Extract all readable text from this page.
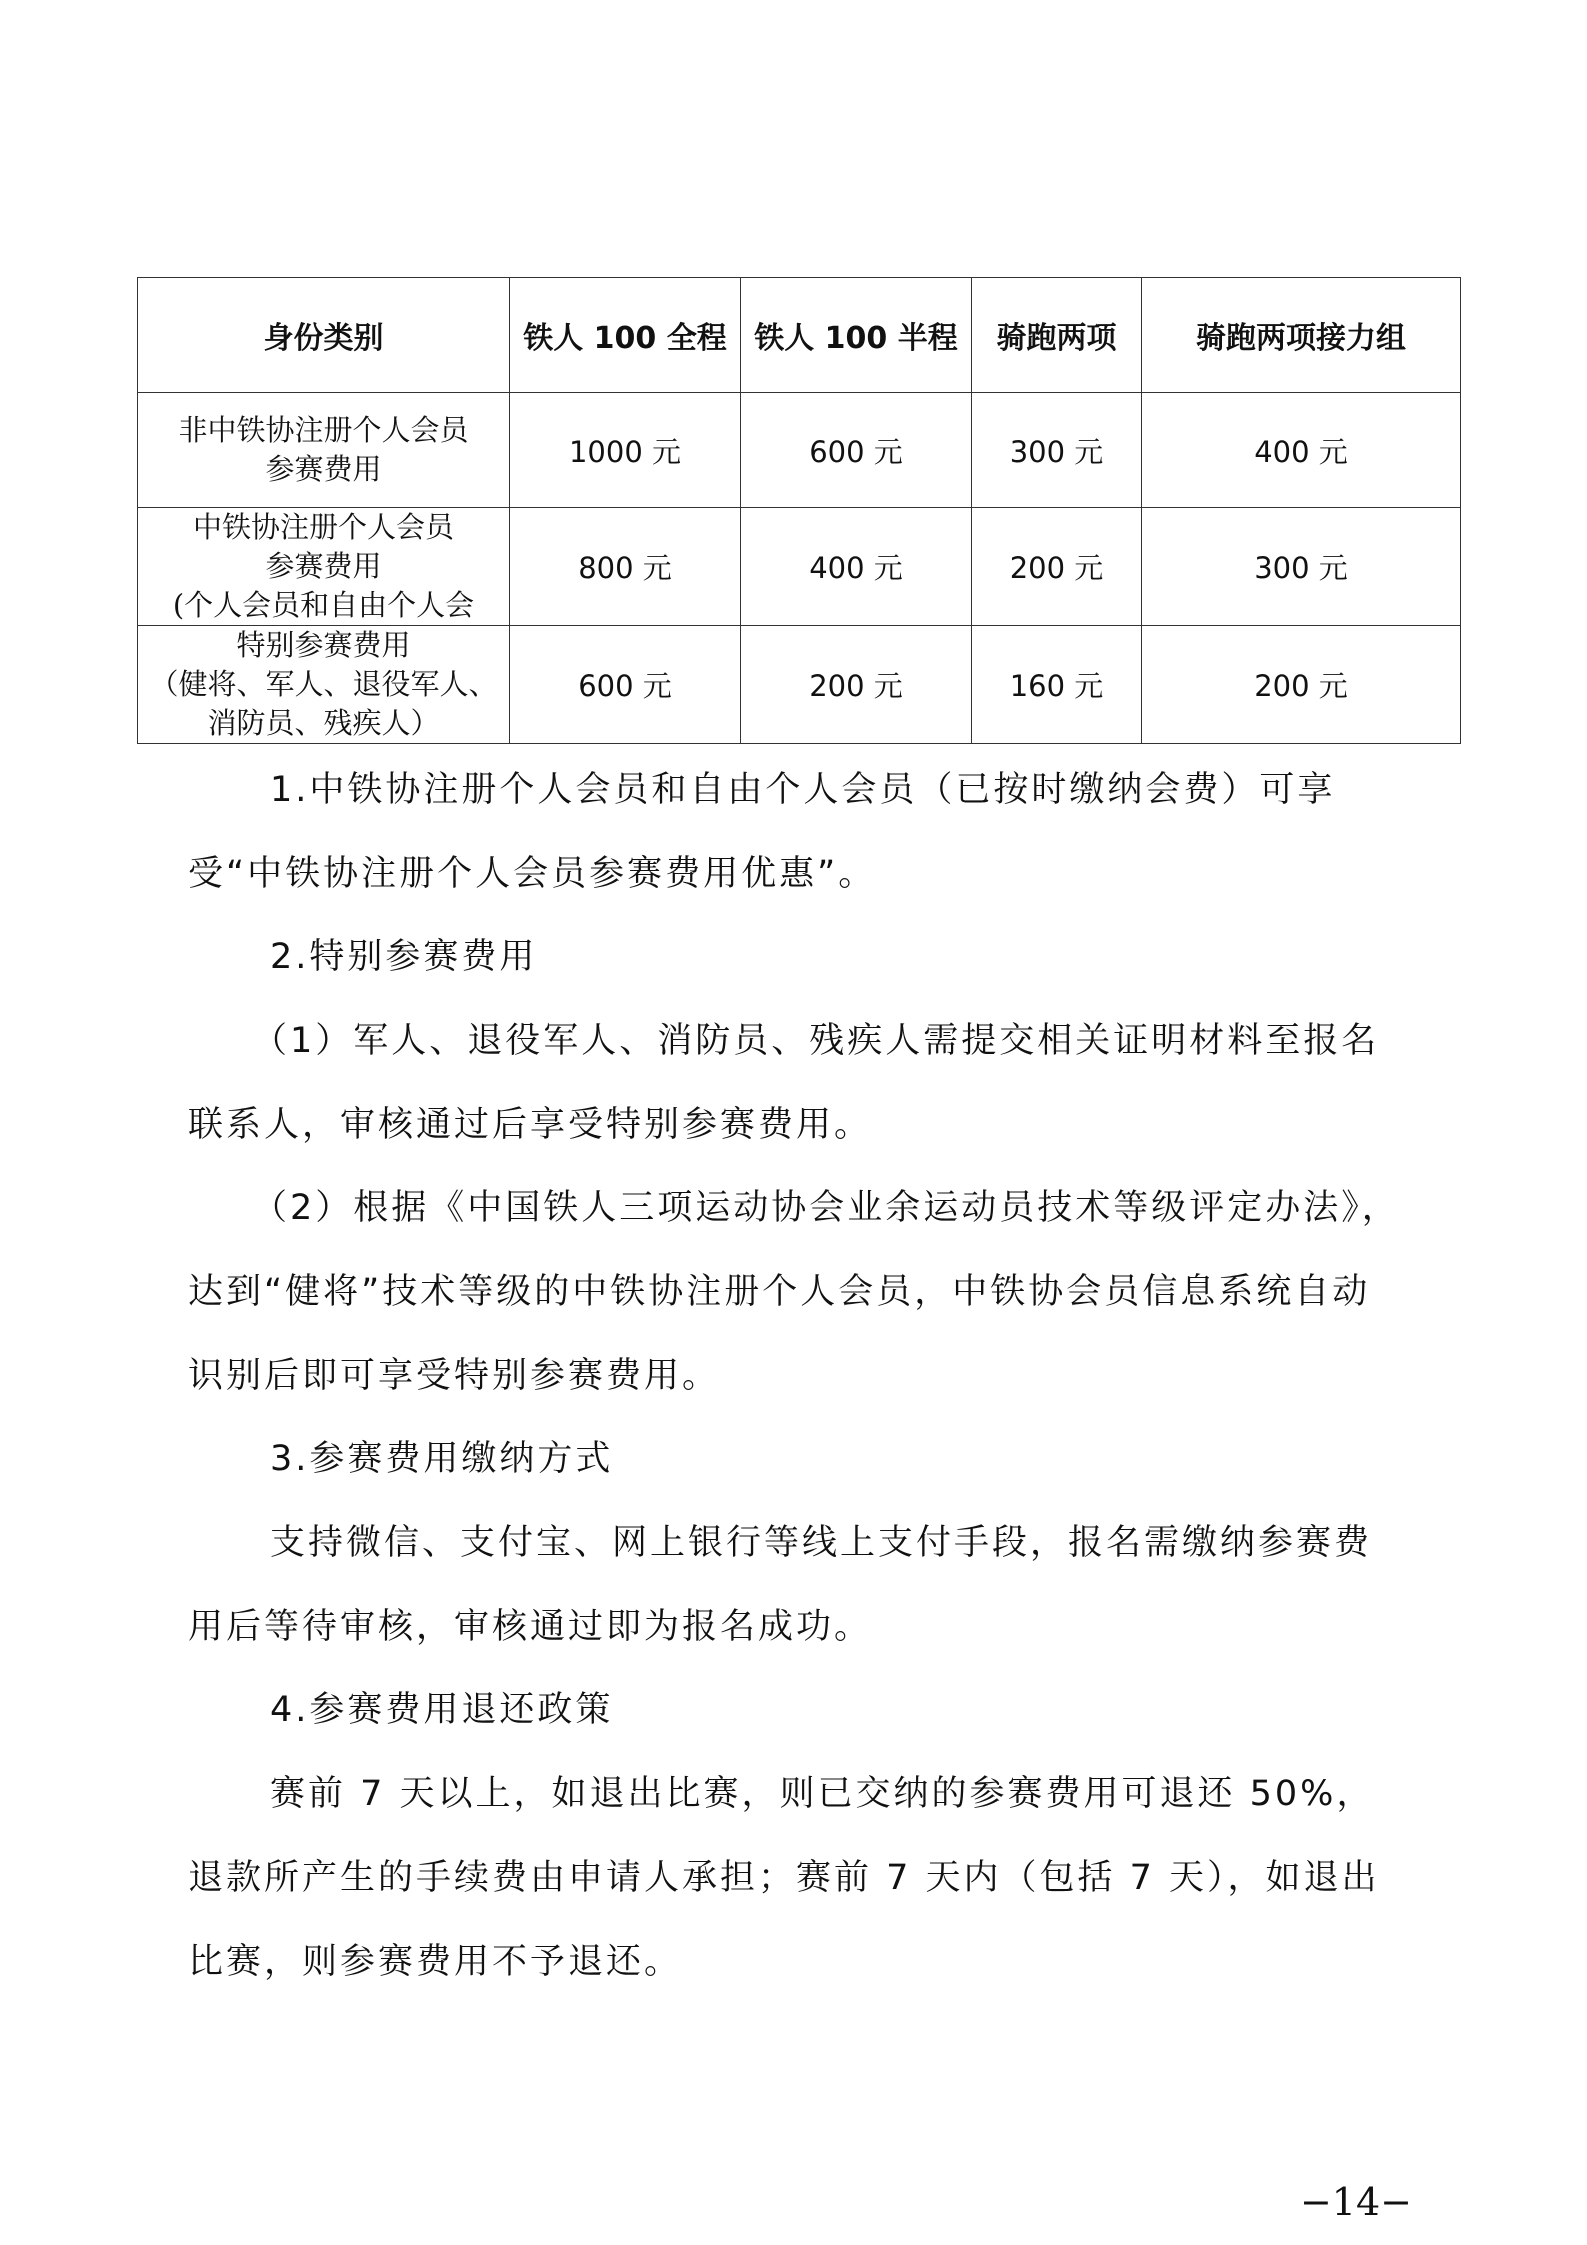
身份类别	铁人 100 全程	铁人 100 半程	骑跑两项	骑跑两项接力组

非中铁协注册个人会员
参赛费用	1000 元	600 元	300 元	400 元

中铁协注册个人会员
参赛费用
(个人会员和自由个人会	800 元	400 元	200 元	300 元

特别参赛费用
（健将、军人、退役军人、
消防员、残疾人）	600 元	200 元	160 元	200 元

1.中铁协注册个人会员和自由个人会员（已按时缴纳会费）可享受“中铁协注册个人会员参赛费用优惠”。

2.特别参赛费用

（1）军人、退役军人、消防员、残疾人需提交相关证明材料至报名联系人，审核通过后享受特别参赛费用。

（2）根据《中国铁人三项运动协会业余运动员技术等级评定办法》，达到“健将”技术等级的中铁协注册个人会员，中铁协会员信息系统自动识别后即可享受特别参赛费用。

3.参赛费用缴纳方式

支持微信、支付宝、网上银行等线上支付手段，报名需缴纳参赛费用后等待审核，审核通过即为报名成功。

4.参赛费用退还政策

赛前 7 天以上，如退出比赛，则已交纳的参赛费用可退还 50%，退款所产生的手续费由申请人承担；赛前 7 天内（包括 7 天），如退出比赛，则参赛费用不予退还。

−14−
